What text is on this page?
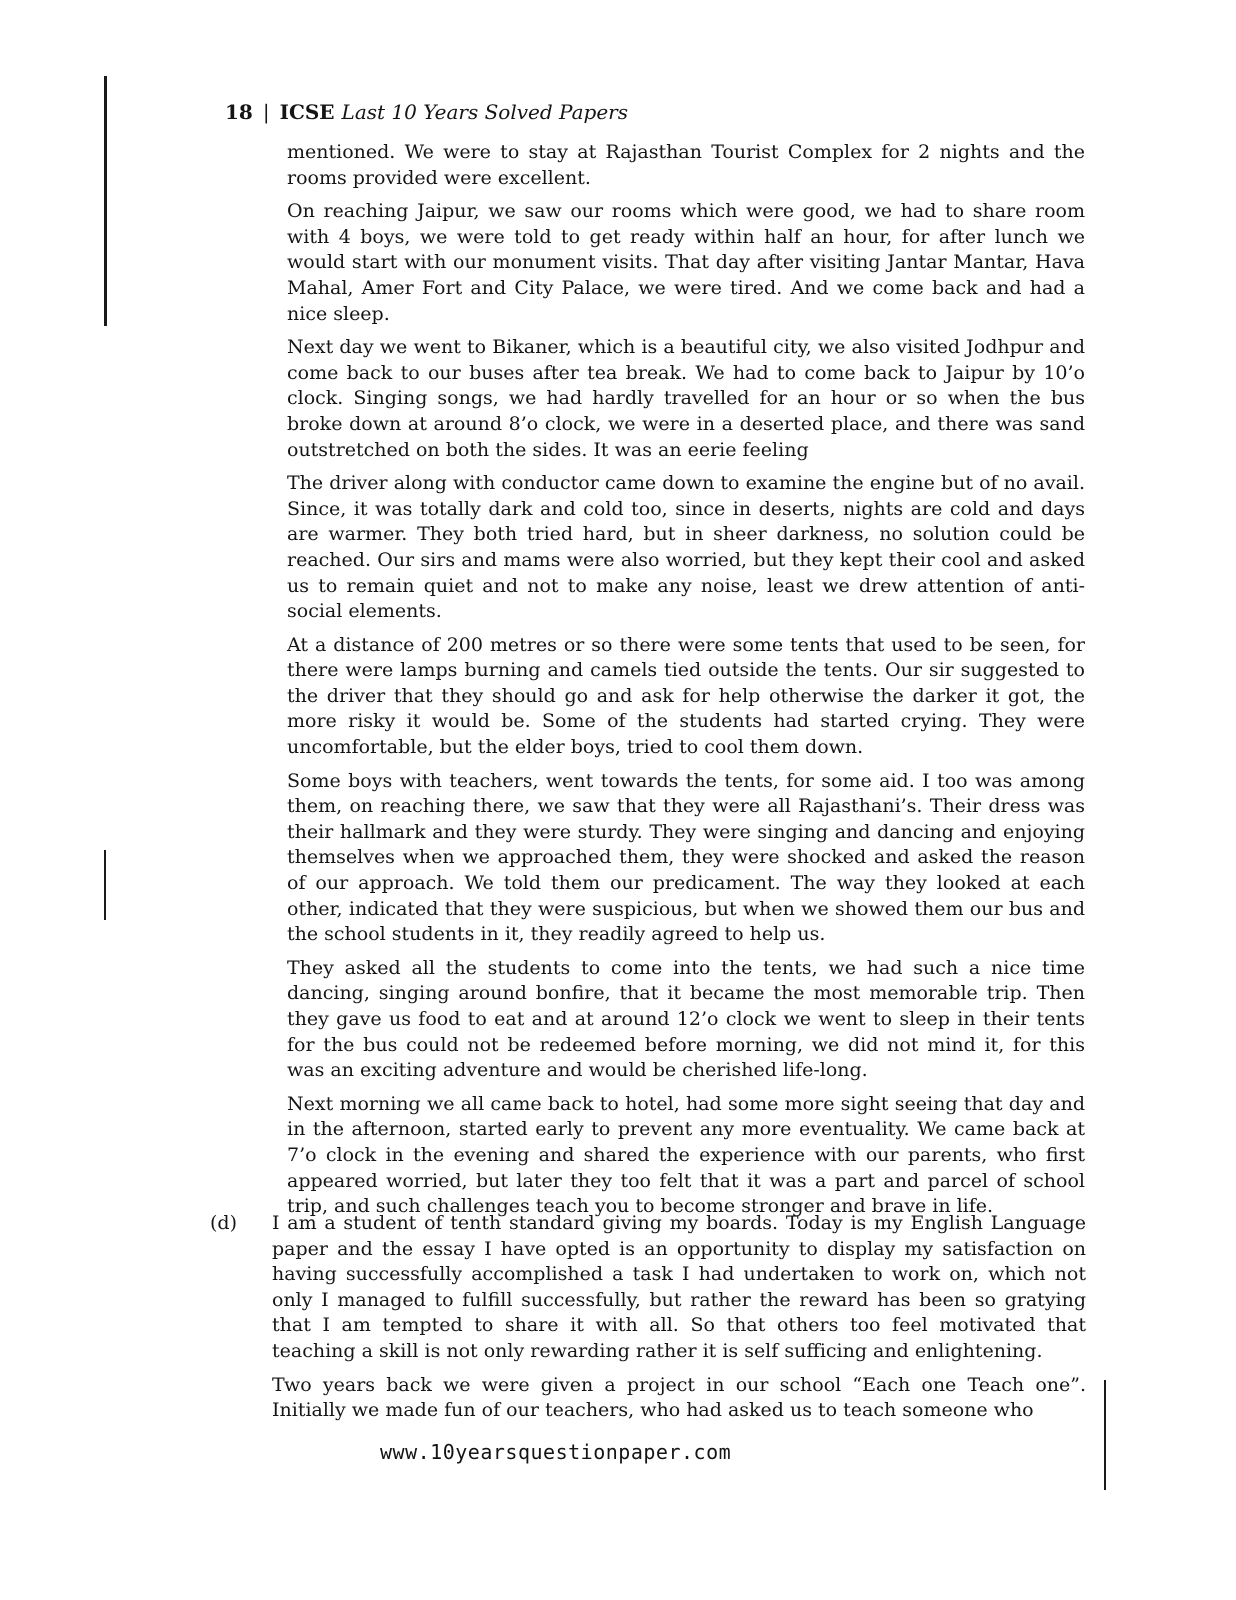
18 | ICSE Last 10 Years Solved Papers

mentioned. We were to stay at Rajasthan Tourist Complex for 2 nights and the rooms provided were excellent.

On reaching Jaipur, we saw our rooms which were good, we had to share room with 4 boys, we were told to get ready within half an hour, for after lunch we would start with our monument visits. That day after visiting Jantar Mantar, Hava Mahal, Amer Fort and City Palace, we were tired. And we come back and had a nice sleep.

Next day we went to Bikaner, which is a beautiful city, we also visited Jodhpur and come back to our buses after tea break. We had to come back to Jaipur by 10’o clock. Singing songs, we had hardly travelled for an hour or so when the bus broke down at around 8’o clock, we were in a deserted place, and there was sand outstretched on both the sides. It was an eerie feeling

The driver along with conductor came down to examine the engine but of no avail. Since, it was totally dark and cold too, since in deserts, nights are cold and days are warmer. They both tried hard, but in sheer darkness, no solution could be reached. Our sirs and mams were also worried, but they kept their cool and asked us to remain quiet and not to make any noise, least we drew attention of anti-social elements.

At a distance of 200 metres or so there were some tents that used to be seen, for there were lamps burning and camels tied outside the tents. Our sir suggested to the driver that they should go and ask for help otherwise the darker it got, the more risky it would be. Some of the students had started crying. They were uncomfortable, but the elder boys, tried to cool them down.

Some boys with teachers, went towards the tents, for some aid. I too was among them, on reaching there, we saw that they were all Rajasthani’s. Their dress was their hallmark and they were sturdy. They were singing and dancing and enjoying themselves when we approached them, they were shocked and asked the reason of our approach. We told them our predicament. The way they looked at each other, indicated that they were suspicious, but when we showed them our bus and the school students in it, they readily agreed to help us.

They asked all the students to come into the tents, we had such a nice time dancing, singing around bonfire, that it became the most memorable trip. Then they gave us food to eat and at around 12’o clock we went to sleep in their tents for the bus could not be redeemed before morning, we did not mind it, for this was an exciting adventure and would be cherished life-long.

Next morning we all came back to hotel, had some more sight seeing that day and in the afternoon, started early to prevent any more eventuality. We came back at 7’o clock in the evening and shared the experience with our parents, who first appeared worried, but later they too felt that it was a part and parcel of school trip, and such challenges teach you to become stronger and brave in life.

(d) I am a student of tenth standard giving my boards. Today is my English Language paper and the essay I have opted is an opportunity to display my satisfaction on having successfully accomplished a task I had undertaken to work on, which not only I managed to fulfill successfully, but rather the reward has been so gratying that I am tempted to share it with all. So that others too feel motivated that teaching a skill is not only rewarding rather it is self sufficing and enlightening.

Two years back we were given a project in our school “Each one Teach one”. Initially we made fun of our teachers, who had asked us to teach someone who

www.10yearsquestionpaper.com
